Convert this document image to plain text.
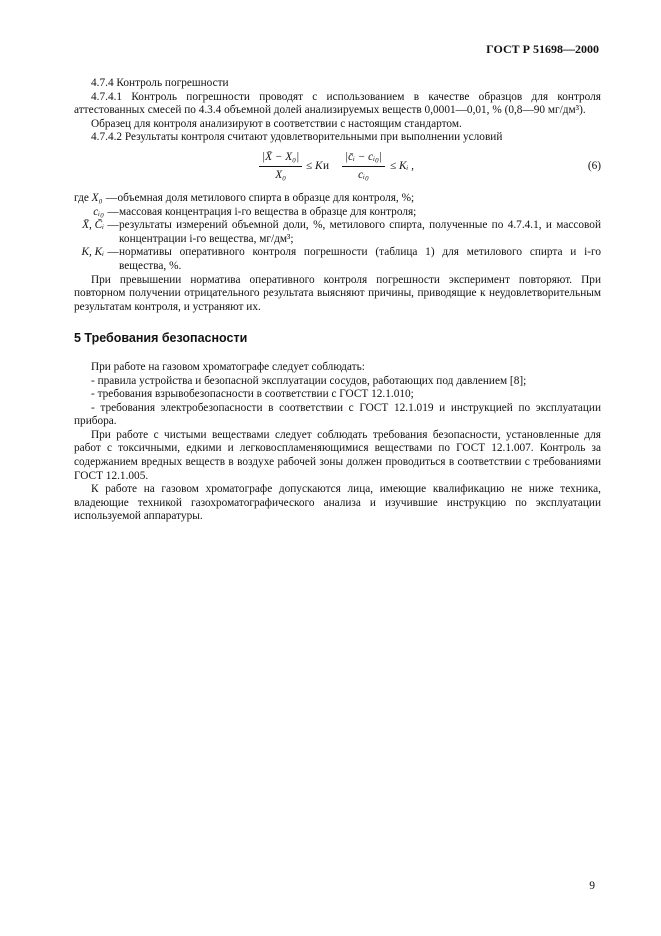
ГОСТ Р 51698—2000

4.7.4 Контроль погрешности

4.7.4.1 Контроль погрешности проводят с использованием в качестве образцов для контроля аттестованных смесей по 4.3.4 объемной долей анализируемых веществ 0,0001—0,01, % (0,8—90 мг/дм³).

Образец для контроля анализируют в соответствии с настоящим стандартом.

4.7.4.2 Результаты контроля считают удовлетворительными при выполнении условий

$\frac{\text{|X̄ − X₀|}}{\text{X₀}} \le K$ и $\frac{\text{|c̄ᵢ − cᵢ₀|}}{\text{cᵢ₀}}$ ≤ Kᵢ ,	(6)
где X₀ — объемная доля метилового спирта в образце для контроля, %;
cᵢ₀ — массовая концентрация i-го вещества в образце для контроля;
X̄, C̄ᵢ — результаты измерений объемной доли, %, метилового спирта, полученные по 4.7.4.1, и массовой концентрации i-го вещества, мг/дм³;
K, Kᵢ — нормативы оперативного контроля погрешности (таблица 1) для метилового спирта и i-го вещества, %.

При превышении норматива оперативного контроля погрешности эксперимент повторяют. При повторном получении отрицательного результата выясняют причины, приводящие к неудовлетворительным результатам контроля, и устраняют их.

5 Требования безопасности

При работе на газовом хроматографе следует соблюдать:

- правила устройства и безопасной эксплуатации сосудов, работающих под давлением [8];

- требования взрывобезопасности в соответствии с ГОСТ 12.1.010;

- требования электробезопасности в соответствии с ГОСТ 12.1.019 и инструкцией по эксплуатации прибора.

При работе с чистыми веществами следует соблюдать требования безопасности, установленные для работ с токсичными, едкими и легковоспламеняющимися веществами по ГОСТ 12.1.007. Контроль за содержанием вредных веществ в воздухе рабочей зоны должен проводиться в соответствии с требованиями ГОСТ 12.1.005.

К работе на газовом хроматографе допускаются лица, имеющие квалификацию не ниже техника, владеющие техникой газохроматографического анализа и изучившие инструкцию по эксплуатации используемой аппаратуры.

9
